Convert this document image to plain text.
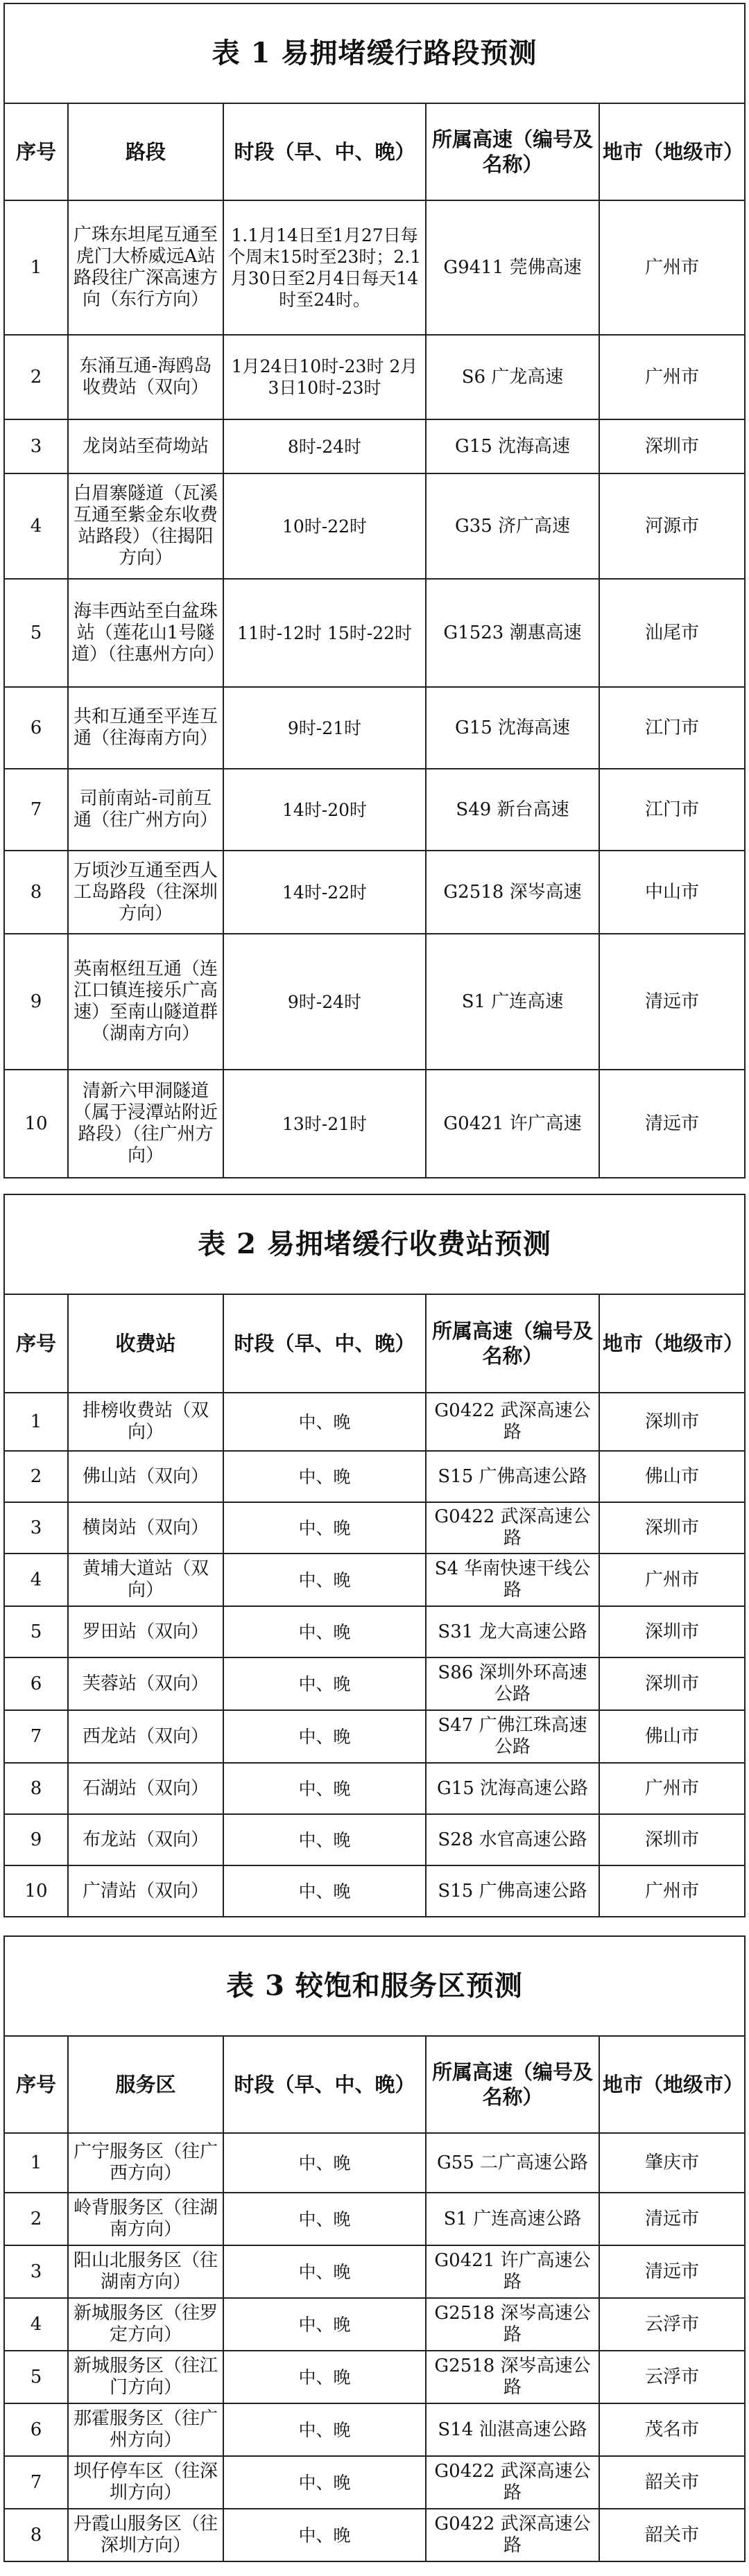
表 1 易拥堵缓行路段预测				
序号	路段	时段（早、中、晚）	所属高速（编号及名称）	地市（地级市）
1	广珠东坦尾互通至虎门大桥威远A站路段往广深高速方向（东行方向）	1.1月14日至1月27日每个周末15时至23时；2.1月30日至2月4日每天14时至24时。	G9411 莞佛高速	广州市
2	东涌互通-海鸥岛收费站（双向）	1月24日10时-23时 2月3日10时-23时	S6 广龙高速	广州市
3	龙岗站至荷坳站	8时-24时	G15 沈海高速	深圳市
4	白眉寨隧道（瓦溪互通至紫金东收费站路段）（往揭阳方向）	10时-22时	G35 济广高速	河源市
5	海丰西站至白盆珠站（莲花山1号隧道）（往惠州方向）	11时-12时 15时-22时	G1523 潮惠高速	汕尾市
6	共和互通至平连互通（往海南方向）	9时-21时	G15 沈海高速	江门市
7	司前南站-司前互通（往广州方向）	14时-20时	S49 新台高速	江门市
8	万顷沙互通至西人工岛路段（往深圳方向）	14时-22时	G2518 深岑高速	中山市
9	英南枢纽互通（连江口镇连接乐广高速）至南山隧道群（湖南方向）	9时-24时	S1 广连高速	清远市
10	清新六甲洞隧道（属于浸潭站附近路段）（往广州方向）	13时-21时	G0421 许广高速	清远市
表 2 易拥堵缓行收费站预测				
序号	收费站	时段（早、中、晚）	所属高速（编号及名称）	地市（地级市）
1	排榜收费站（双向）	中、晚	G0422 武深高速公路	深圳市
2	佛山站（双向）	中、晚	S15 广佛高速公路	佛山市
3	横岗站（双向）	中、晚	G0422 武深高速公路	深圳市
4	黄埔大道站（双向）	中、晚	S4 华南快速干线公路	广州市
5	罗田站（双向）	中、晚	S31 龙大高速公路	深圳市
6	芙蓉站（双向）	中、晚	S86 深圳外环高速公路	深圳市
7	西龙站（双向）	中、晚	S47 广佛江珠高速公路	佛山市
8	石湖站（双向）	中、晚	G15 沈海高速公路	广州市
9	布龙站（双向）	中、晚	S28 水官高速公路	深圳市
10	广清站（双向）	中、晚	S15 广佛高速公路	广州市
表 3 较饱和服务区预测				
序号	服务区	时段（早、中、晚）	所属高速（编号及名称）	地市（地级市）
1	广宁服务区（往广西方向）	中、晚	G55 二广高速公路	肇庆市
2	岭背服务区（往湖南方向）	中、晚	S1 广连高速公路	清远市
3	阳山北服务区（往湖南方向）	中、晚	G0421 许广高速公路	清远市
4	新城服务区（往罗定方向）	中、晚	G2518 深岑高速公路	云浮市
5	新城服务区（往江门方向）	中、晚	G2518 深岑高速公路	云浮市
6	那霍服务区（往广州方向）	中、晚	S14 汕湛高速公路	茂名市
7	坝仔停车区（往深圳方向）	中、晚	G0422 武深高速公路	韶关市
8	丹霞山服务区（往深圳方向）	中、晚	G0422 武深高速公路	韶关市
